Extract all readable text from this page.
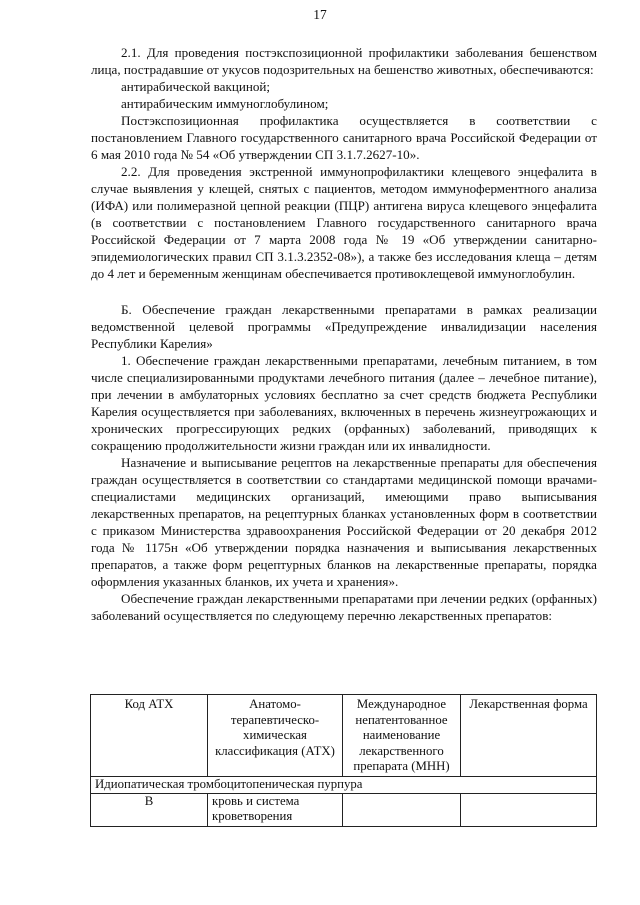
17

2.1. Для проведения постэкспозиционной профилактики заболевания бешенством лица, пострадавшие от укусов подозрительных на бешенство животных, обеспечиваются:

антирабической вакциной;

антирабическим иммуноглобулином;

Постэкспозиционная профилактика осуществляется в соответствии с постановлением Главного государственного санитарного врача Российской Федерации от 6 мая 2010 года № 54 «Об утверждении СП 3.1.7.2627-10».

2.2. Для проведения экстренной иммунопрофилактики клещевого энцефалита в случае выявления у клещей, снятых с пациентов, методом иммуноферментного анализа (ИФА) или полимеразной цепной реакции (ПЦР) антигена вируса клещевого энцефалита (в соответствии с постановлением Главного государственного санитарного врача Российской Федерации от 7 марта 2008 года № 19 «Об утверждении санитарно-эпидемиологических правил СП 3.1.3.2352-08»), а также без исследования клеща – детям до 4 лет и беременным женщинам обеспечивается противоклещевой иммуноглобулин.

Б. Обеспечение граждан лекарственными препаратами в рамках реализации ведомственной целевой программы «Предупреждение инвалидизации населения Республики Карелия»

1. Обеспечение граждан лекарственными препаратами, лечебным питанием, в том числе специализированными продуктами лечебного питания (далее – лечебное питание), при лечении в амбулаторных условиях бесплатно за счет средств бюджета Республики Карелия осуществляется при заболеваниях, включенных в перечень жизнеугрожающих и хронических прогрессирующих редких (орфанных) заболеваний, приводящих к сокращению продолжительности жизни граждан или их инвалидности.

Назначение и выписывание рецептов на лекарственные препараты для обеспечения граждан осуществляется в соответствии со стандартами медицинской помощи врачами-специалистами медицинских организаций, имеющими право выписывания лекарственных препаратов, на рецептурных бланках установленных форм в соответствии с приказом Министерства здравоохранения Российской Федерации от 20 декабря 2012 года № 1175н «Об утверждении порядка назначения и выписывания лекарственных препаратов, а также форм рецептурных бланков на лекарственные препараты, порядка оформления указанных бланков, их учета и хранения».

Обеспечение граждан лекарственными препаратами при лечении редких (орфанных) заболеваний осуществляется по следующему перечню лекарственных препаратов:

Код АТХ	Анатомо-терапевтическо-химическая классификация (АТХ)	Международное непатентованное наименование лекарственного препарата (МНН)	Лекарственная форма
Идиопатическая тромбоцитопеническая пурпура			
B	кровь и система кроветворения		
